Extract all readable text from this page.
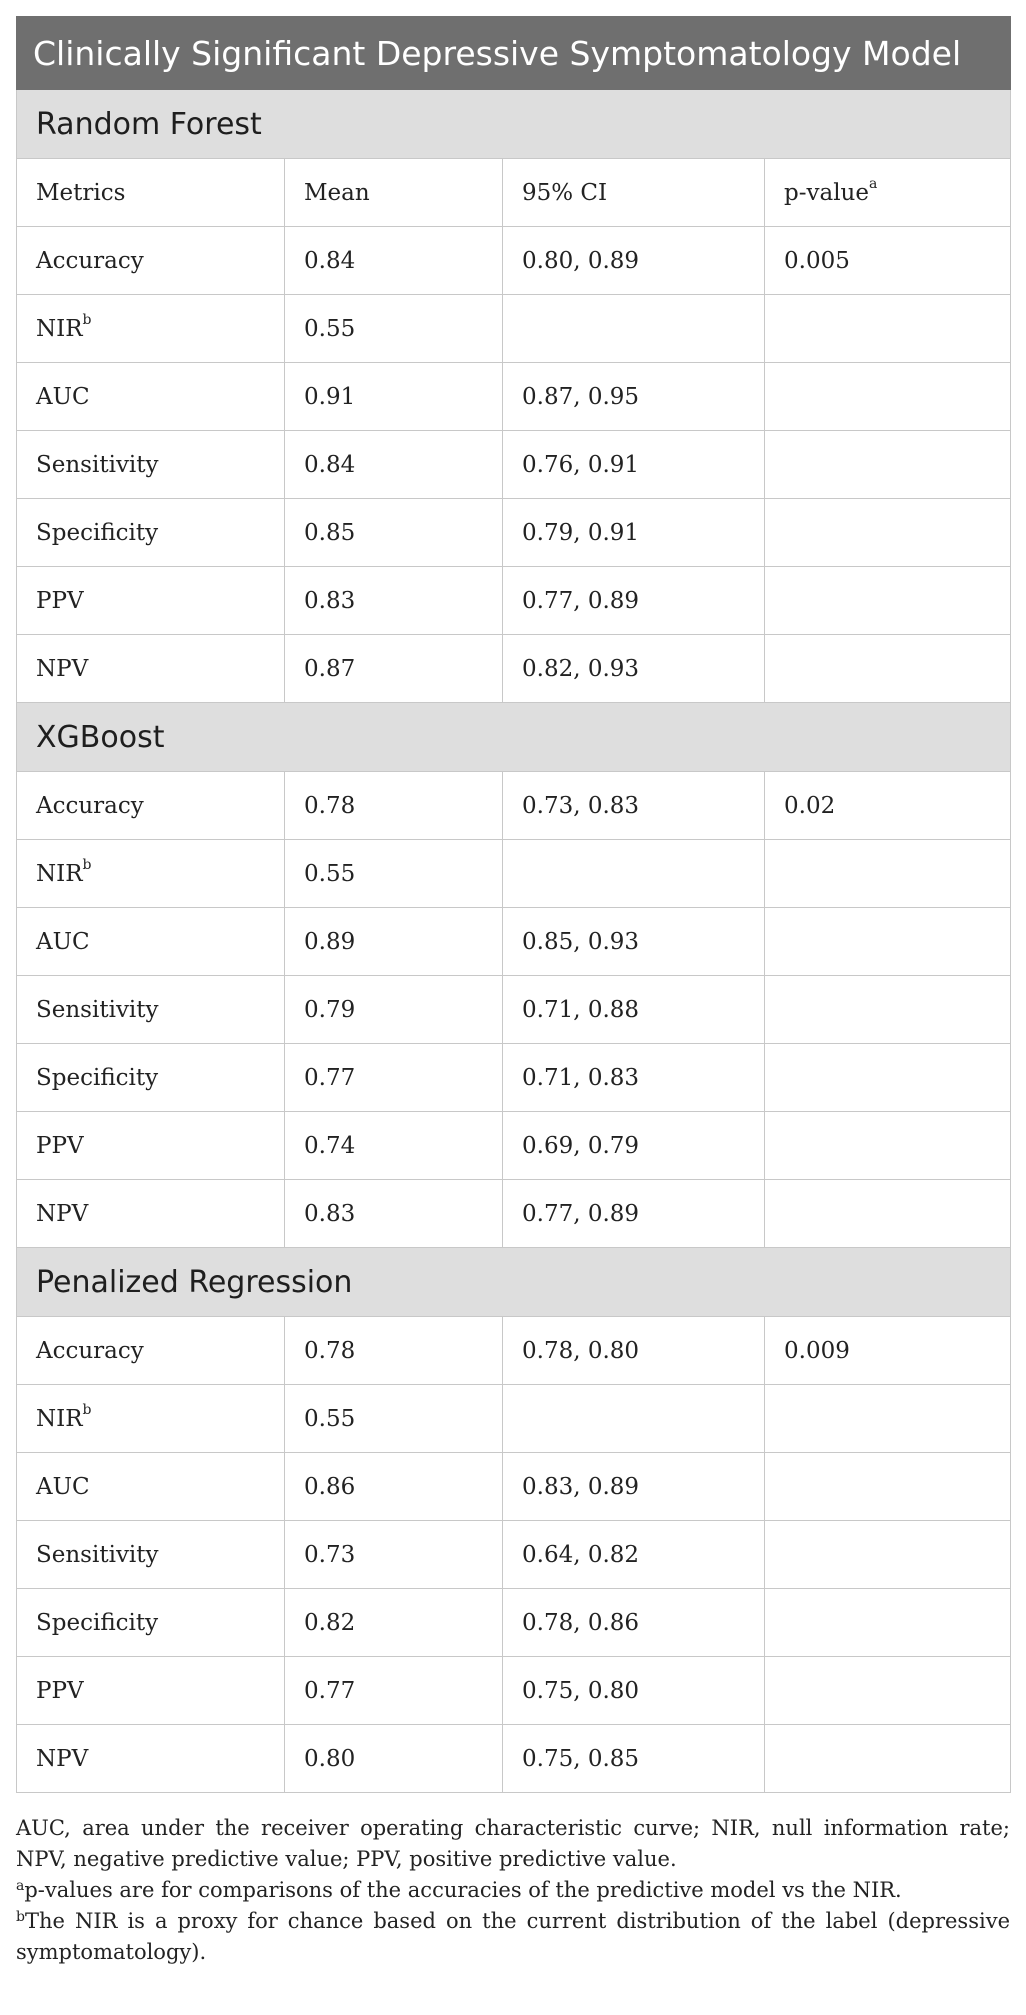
Clinically Significant Depressive Symptomatology Model			
Random Forest			
Metrics	Mean	95% CI	p-value$^a$
Accuracy	0.84	0.80, 0.89	0.005
NIR$^b$	0.55		
AUC	0.91	0.87, 0.95	
Sensitivity	0.84	0.76, 0.91	
Specificity	0.85	0.79, 0.91	
PPV	0.83	0.77, 0.89	
NPV	0.87	0.82, 0.93	
XGBoost			
Accuracy	0.78	0.73, 0.83	0.02
NIR$^b$	0.55		
AUC	0.89	0.85, 0.93	
Sensitivity	0.79	0.71, 0.88	
Specificity	0.77	0.71, 0.83	
PPV	0.74	0.69, 0.79	
NPV	0.83	0.77, 0.89	
Penalized Regression			
Accuracy	0.78	0.78, 0.80	0.009
NIR$^b$	0.55		
AUC	0.86	0.83, 0.89	
Sensitivity	0.73	0.64, 0.82	
Specificity	0.82	0.78, 0.86	
PPV	0.77	0.75, 0.80	
NPV	0.80	0.75, 0.85	

AUC, area under the receiver operating characteristic curve; NIR, null information rate; NPV, negative predictive value; PPV, positive predictive value.

$^a$p-values are for comparisons of the accuracies of the predictive model vs the NIR.

$^b$The NIR is a proxy for chance based on the current distribution of the label (depressive symptomatology).
